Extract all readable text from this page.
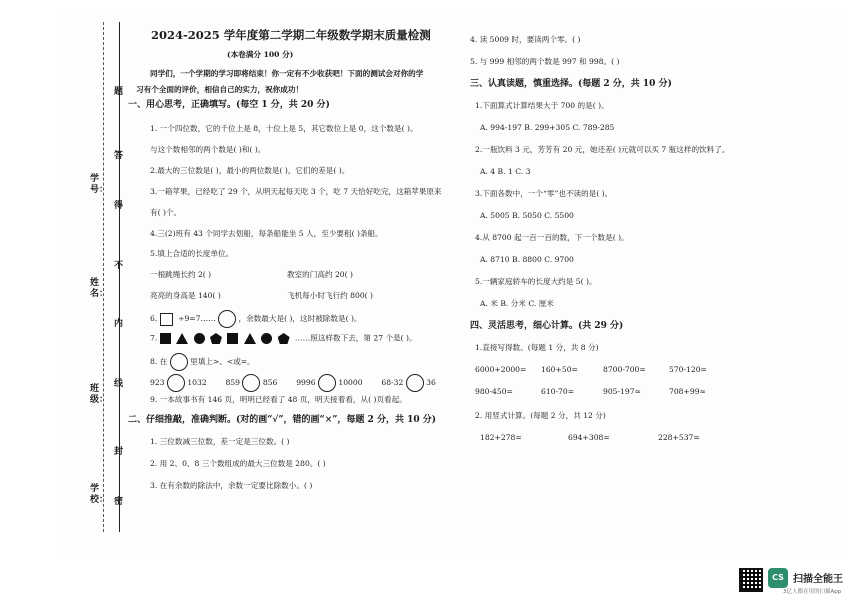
题
答
得
不
内
线
封
密
学号：
姓名：
班级：
学校：
2024-2025 学年度第二学期二年级数学期末质量检测
(本卷满分 100 分)
同学们，一个学期的学习即将结束！你一定有不少收获吧！下面的测试会对你的学
习有个全面的评价，相信自己的实力，祝你成功！
一、用心思考，正确填写。(每空 1 分，共 20 分)
1. 一个四位数，它的千位上是 8，十位上是 5，其它数位上是 0，这个数是( )。
与这个数相邻的两个数是( )和( )。
2.最大的三位数是( )，最小的两位数是( )，它们的差是( )。
3.一箱苹果，已经吃了 29 个，从明天起每天吃 3 个，吃 7 天恰好吃完，这箱苹果原来
有( )个。
4.三(2)班有 43 个同学去划船，每条船能坐 5 人，至少要租( )条船。
5.填上合适的长度单位。
一根跳绳长约 2( )	教室的门高约 20( )
亮亮的身高是 140( )	飞机每小时飞行约 800( )
6.	÷9=7……	，余数最大是( )，这时被除数是( )。
7.	……照这样数下去，第 27 个是( )。
8. 在	里填上>、<或=。
923	1032 859	856 9996	10000 68-32	36
9. 一本故事书有 146 页，明明已经看了 48 页，明天接着看，从( )页看起。
二、仔细推敲，准确判断。(对的画“√”，错的画“×”，每题 2 分，共 10 分)
1. 三位数减三位数，差一定是三位数。( )
2. 用 2、0、8 三个数组成的最大三位数是 280。( )
3. 在有余数的除法中，余数一定要比除数小。( )
4. 读 5009 时，要读两个零。( )
5. 与 999 相邻的两个数是 997 和 998。( )
三、认真读题，慎重选择。(每题 2 分，共 10 分)
1.下面算式计算结果大于 700 的是( )。
A. 994-197 B. 299+305 C. 789-285
2.一瓶饮料 3 元，芳芳有 20 元，她还差( )元就可以买 7 瓶这样的饮料了。
A. 4 B. 1 C. 3
3.下面各数中，一个“零”也不读的是( )。
A. 5005 B. 5050 C. 5500
4.从 8700 起一百一百的数，下一个数是( )。
A. 8710 B. 8800 C. 9700
5.一辆家庭轿车的长度大约是 5( )。
A. 米 B. 分米 C. 厘米
四、灵活思考，细心计算。(共 29 分)
1.直接写得数。(每题 1 分，共 8 分)
6000+2000= 160+50=	8700-700=	570-120=
980-450=	610-70=	905-197≈	708+99≈
2. 用竖式计算。(每题 2 分，共 12 分)
182+278=	694+308=	228+537=
CS 扫描全能王
3亿人都在用的扫描App
